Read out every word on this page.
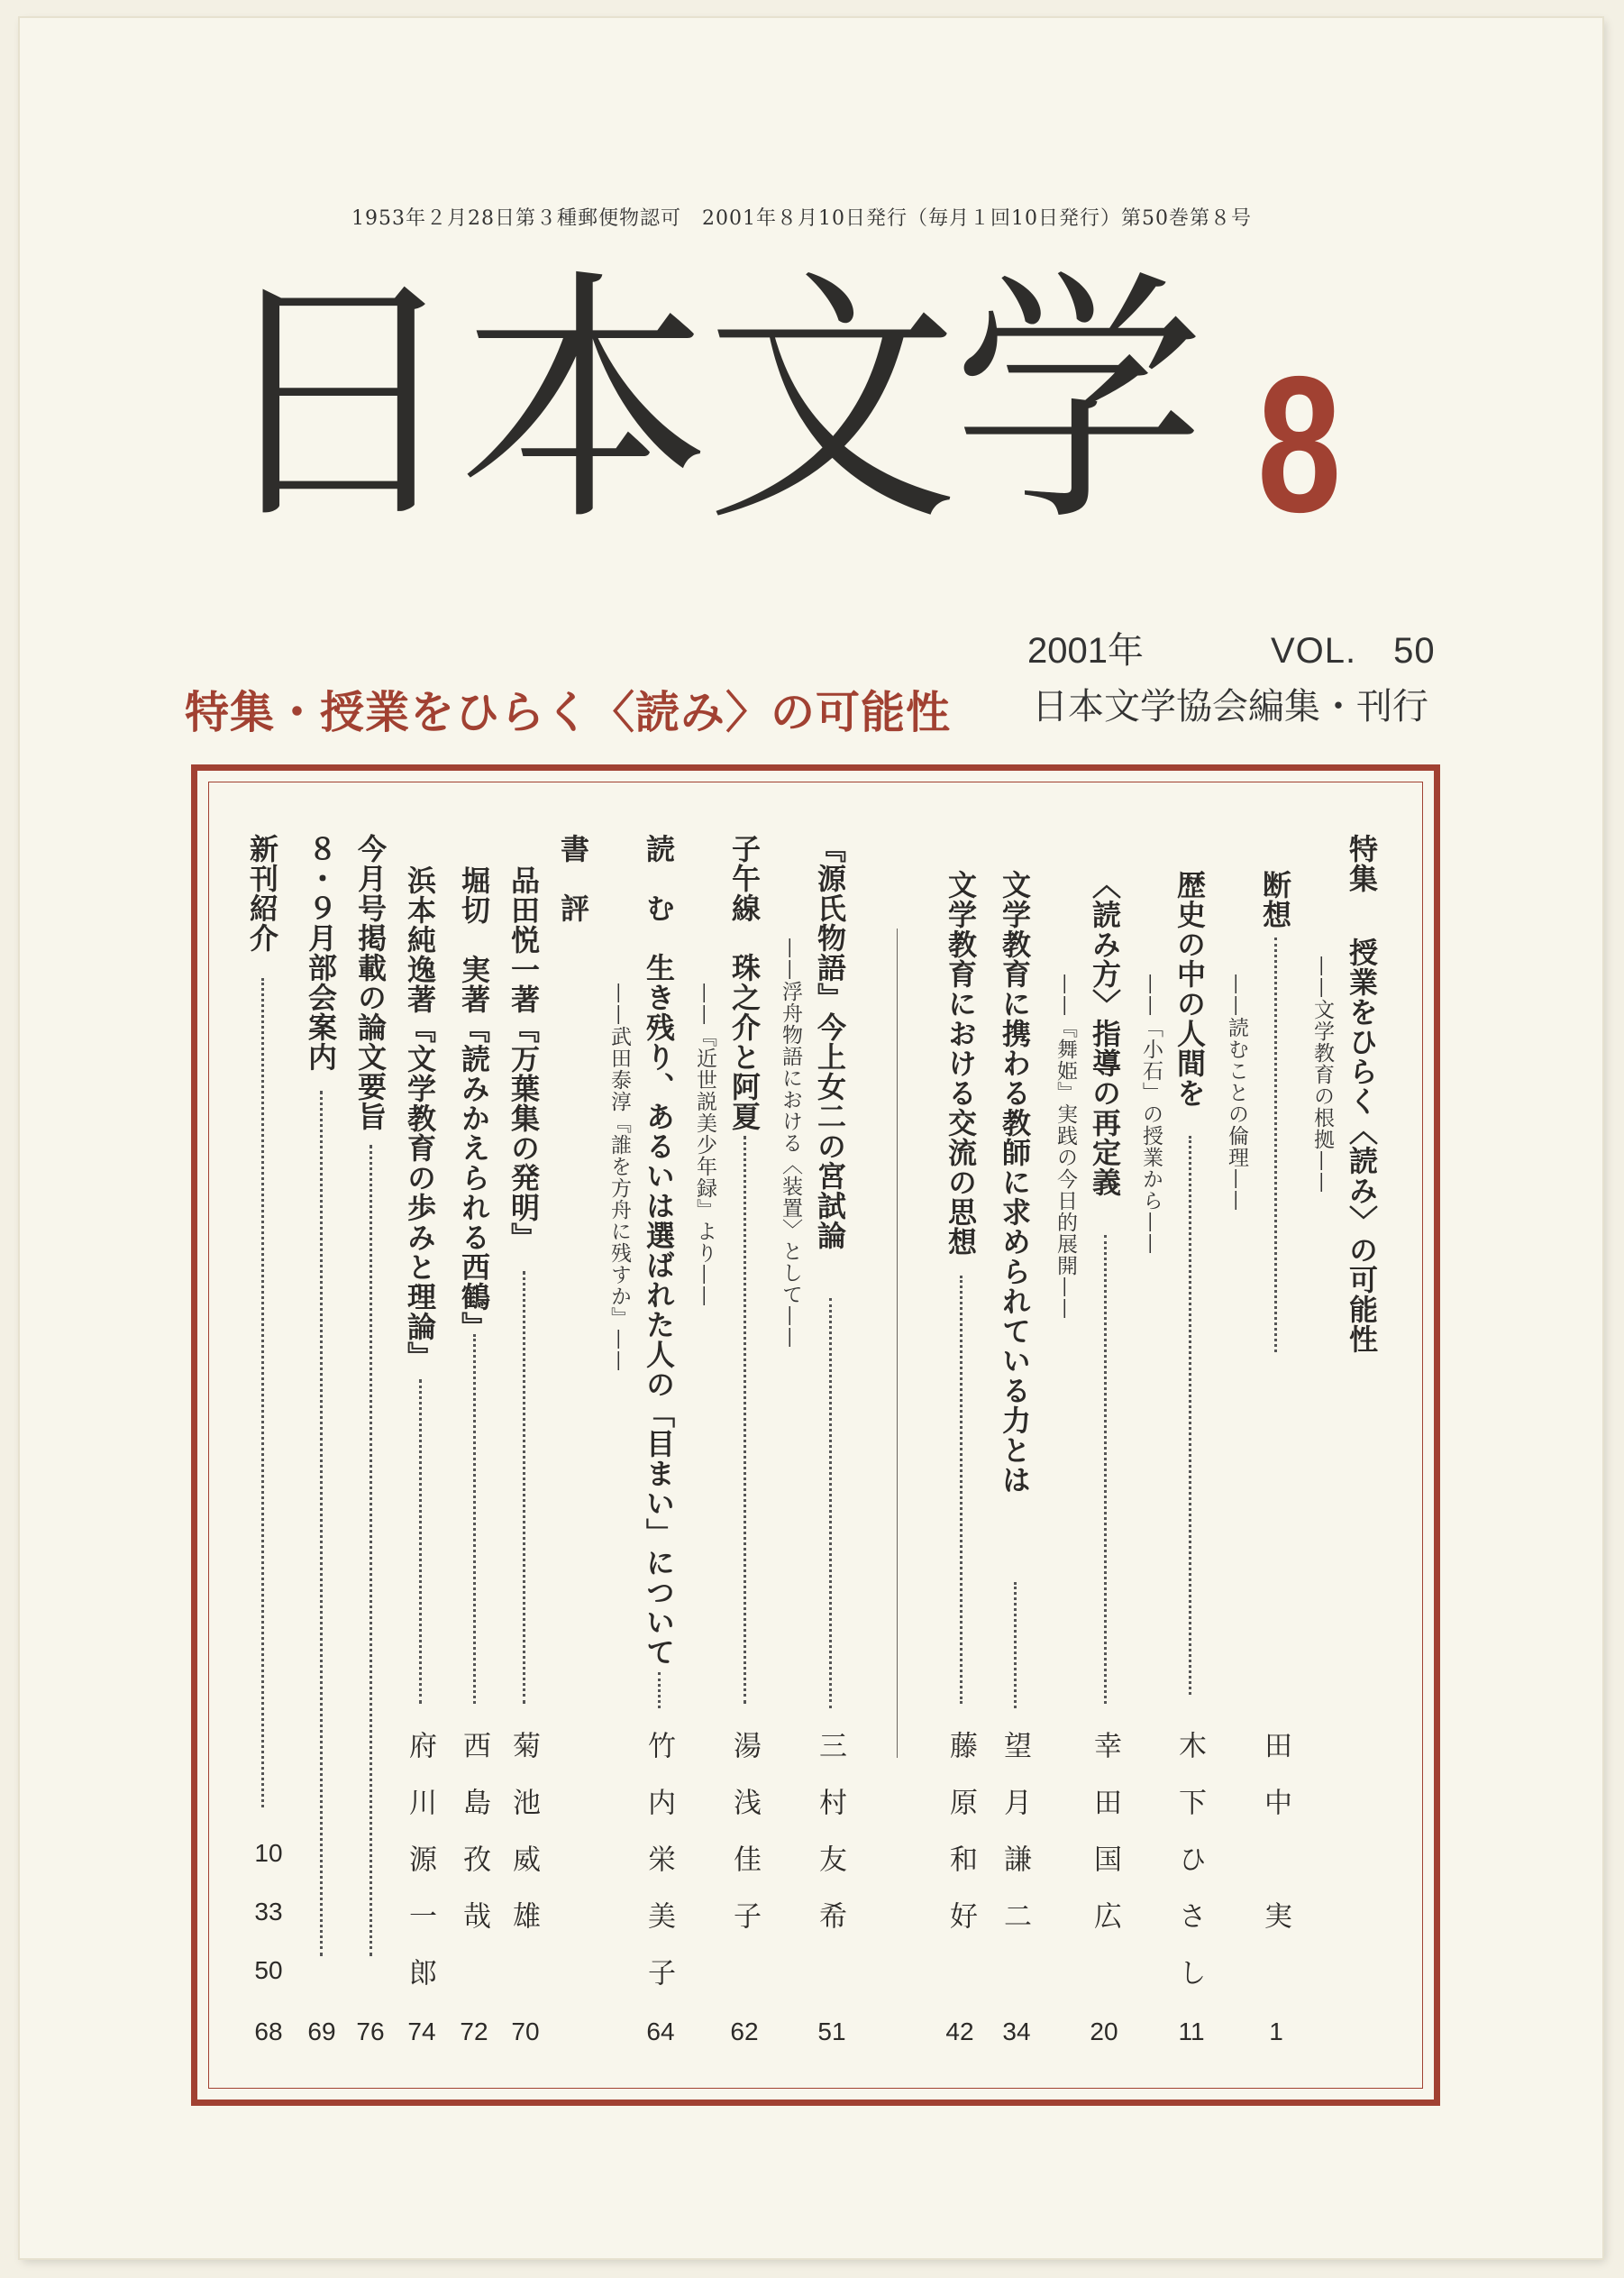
1953年２月28日第３種郵便物認可　2001年８月10日発行（毎月１回10日発行）第50巻第８号
日本文学 8
2001年	VOL.　50
特集・授業をひらく〈読み〉の可能性 日本文学協会編集・刊行
特集
授業をひらく〈読み〉の可能性
——文学教育の根拠——
断想
——読むことの倫理——
田中　実
1
歴史の中の人間を
——「小石」の授業から——
木下ひさし
11
〈読み方〉指導の再定義
——『舞姫』実践の今日的展開——
幸田国広
20
文学教育に携わる教師に求められている力とは
望月謙二
34
文学教育における交流の思想
藤原和好
42
『源氏物語』今上女二の宮試論
——浮舟物語における〈装置〉として——
三村友希
51
子午線　珠之介と阿夏
——『近世説美少年録』より——
湯浅佳子
62
読　む　生き残り、あるいは選ばれた人の「目まい」について
——武田泰淳『誰を方舟に残すか』——
竹内栄美子
64
書　評
品田悦一著『万葉集の発明』
菊池威雄
70
堀切　実著『読みかえられる西鶴』
西島孜哉
72
浜本純逸著『文学教育の歩みと理論』
府川源一郎
74
今月号掲載の論文要旨
76
８・９月部会案内
69
新刊紹介
10
33
50
68
